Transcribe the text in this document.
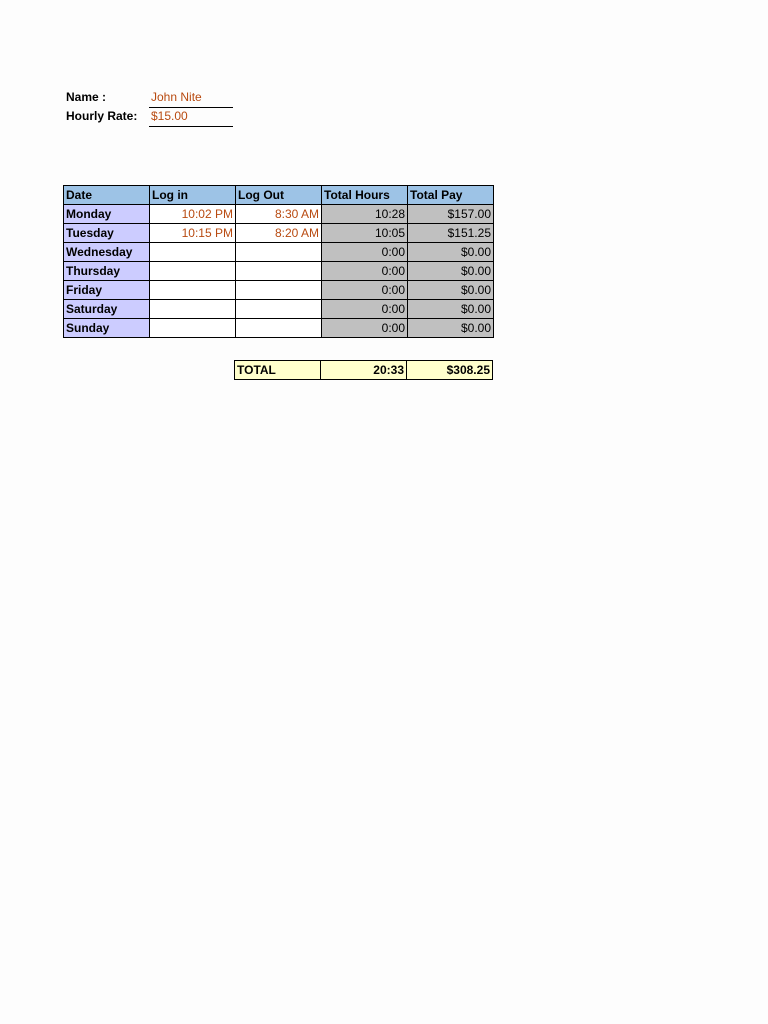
Name :	John Nite
Hourly Rate: $15.00
Date	Log in	Log Out	Total Hours	Total Pay
Monday	10:02 PM	8:30 AM	10:28	$157.00
Tuesday	10:15 PM	8:20 AM	10:05	$151.25
Wednesday			0:00	$0.00
Thursday			0:00	$0.00
Friday			0:00	$0.00
Saturday			0:00	$0.00
Sunday			0:00	$0.00
TOTAL	20:33	$308.25
